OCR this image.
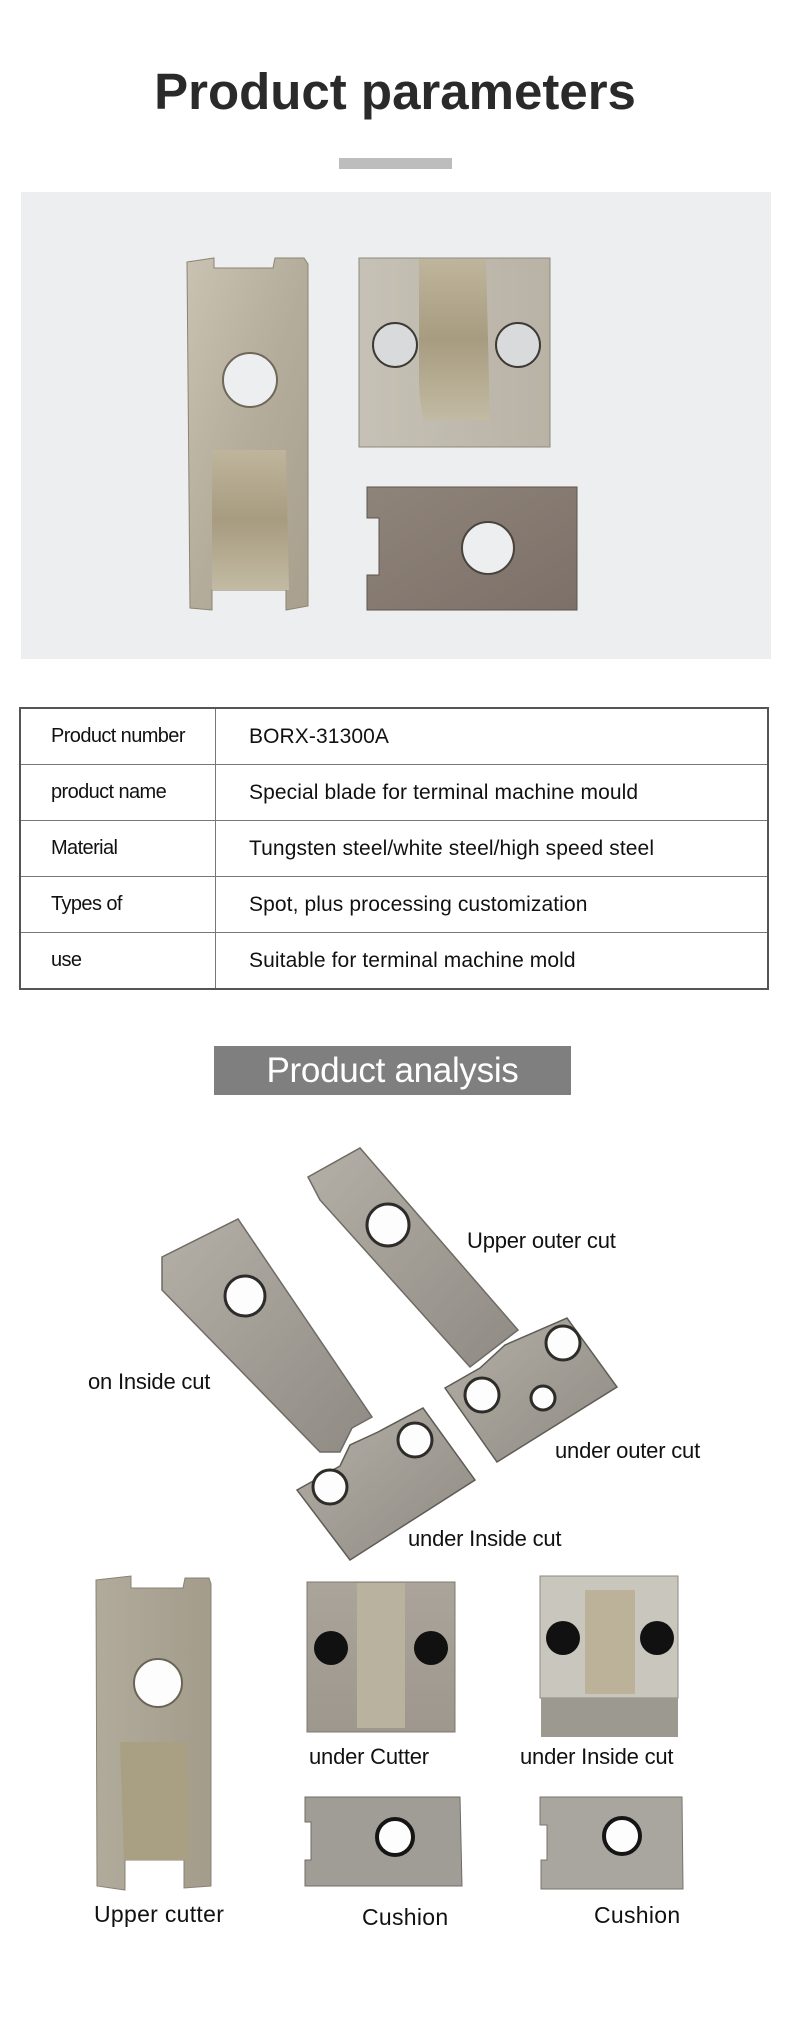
Product parameters
Product number	BORX-31300A
product name	Special blade for terminal machine mould
Material	Tungsten steel/white steel/high speed steel
Types of	Spot, plus processing customization
use	Suitable for terminal machine mold
Product analysis
Upper outer cut
on Inside cut
under outer cut
under Inside cut
under Cutter	under Inside cut
Upper cutter	Cushion	Cushion
